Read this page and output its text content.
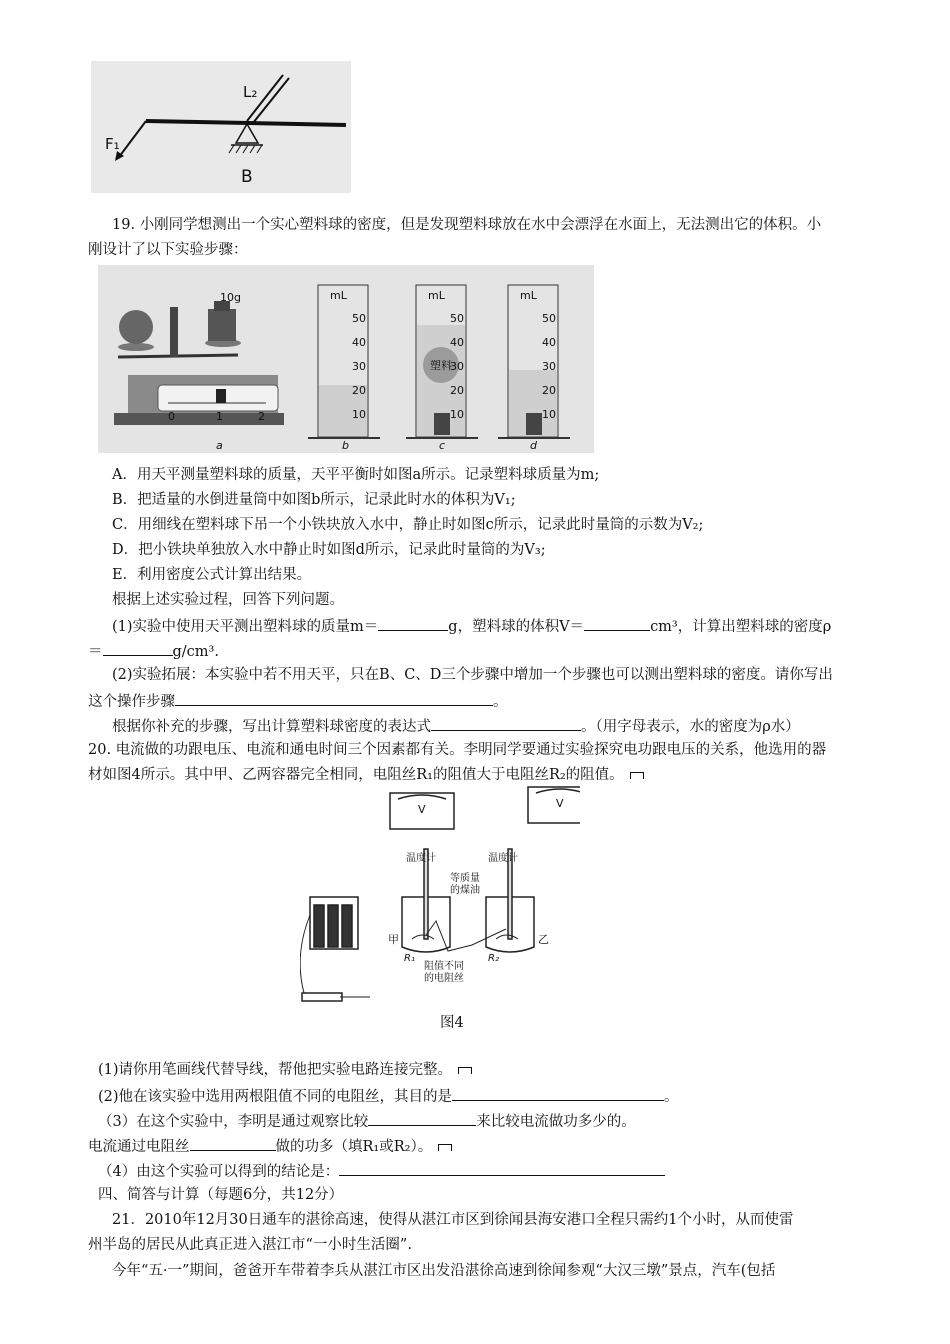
L₂
F₁
B
19. 小刚同学想测出一个实心塑料球的密度，但是发现塑料球放在水中会漂浮在水面上，无法测出它的体积。小
刚设计了以下实验步骤：
10g	mL	mL	mL
50
40
30
20
10
50
40
30
20
10
50
40
30
20
10
塑料
0	1	2
a	b	c	d
A．用天平测量塑料球的质量，天平平衡时如图a所示。记录塑料球质量为m;
B．把适量的水倒进量筒中如图b所示，记录此时水的体积为V₁;
C．用细线在塑料球下吊一个小铁块放入水中，静止时如图c所示，记录此时量筒的示数为V₂;
D．把小铁块单独放入水中静止时如图d所示，记录此时量筒的为V₃;
E．利用密度公式计算出结果。
根据上述实验过程，回答下列问题。
(1)实验中使用天平测出塑料球的质量m＝	g，塑料球的体积V＝	cm³，计算出塑料球的密度ρ
＝	g/cm³.
(2)实验拓展：本实验中若不用天平，只在B、C、D三个步骤中增加一个步骤也可以测出塑料球的密度。请你写出
这个操作步骤	。
根据你补充的步骤，写出计算塑料球密度的表达式	。（用字母表示，水的密度为ρ水）
20. 电流做的功跟电压、电流和通电时间三个因素都有关。李明同学要通过实验探究电功跟电压的关系，他选用的器
材如图4所示。其中甲、乙两容器完全相同，电阻丝R₁的阻值大于电阻丝R₂的阻值。
V	V
温度计	温度计
等质量
的煤油
甲	乙
R₁	R₂
阻值不同
的电阻丝
图4
(1)请你用笔画线代替导线，帮他把实验电路连接完整。
(2)他在该实验中选用两根阻值不同的电阻丝，其目的是	。
（3）在这个实验中，李明是通过观察比较	来比较电流做功多少的。
电流通过电阻丝	做的功多（填R₁或R₂）。
（4）由这个实验可以得到的结论是：
四、简答与计算（每题6分，共12分）
21．2010年12月30日通车的湛徐高速，使得从湛江市区到徐闻县海安港口全程只需约1个小时，从而使雷
州半岛的居民从此真正进入湛江市“一小时生活圈”.
今年“五·一”期间，爸爸开车带着李兵从湛江市区出发沿湛徐高速到徐闻参观“大汉三墩”景点，汽车(包括
